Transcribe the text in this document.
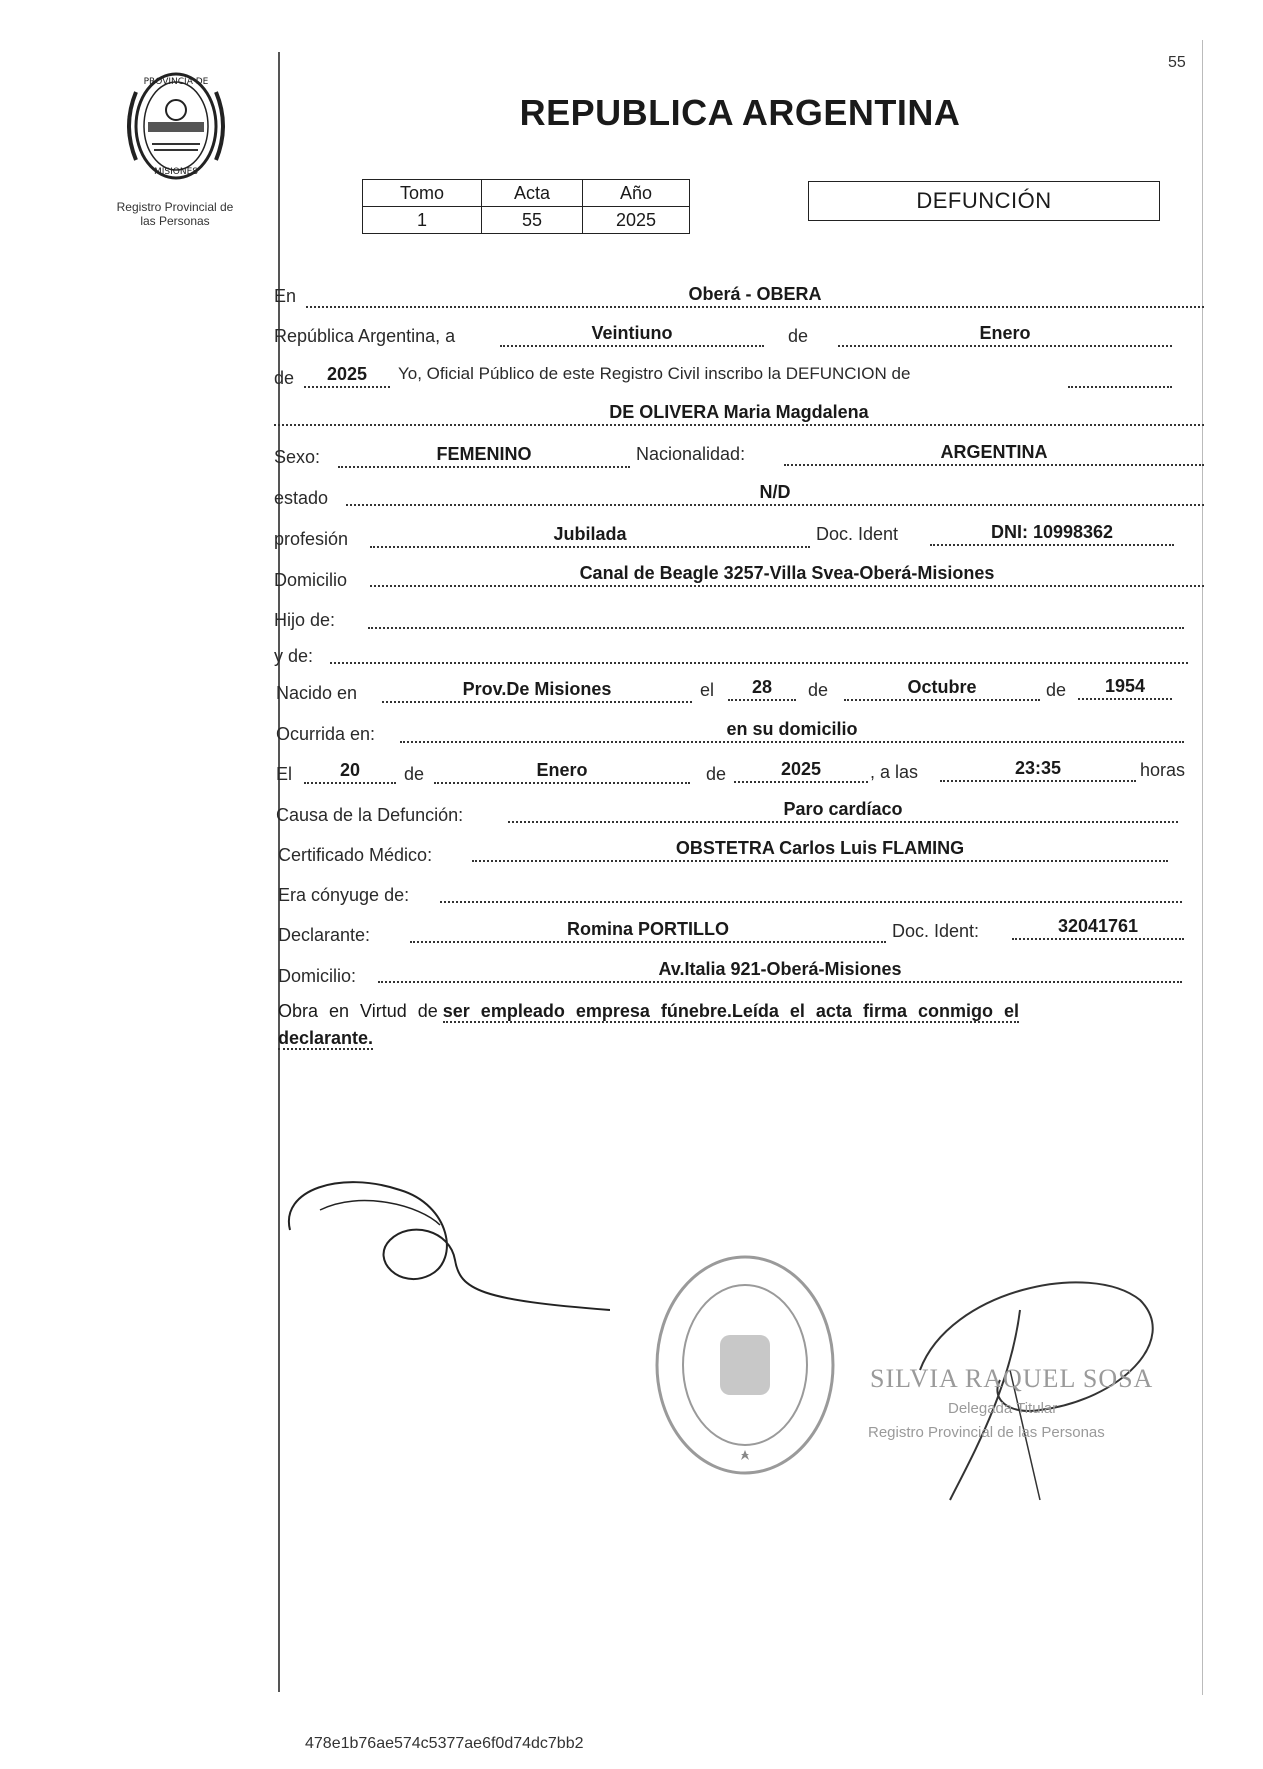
PROVINCIA DE
MISIONES
Registro Provincial de
las Personas
55
REPUBLICA ARGENTINA
Tomo	Acta	Año
1	55	2025
DEFUNCIÓN
En	Oberá - OBERA
República Argentina, a	Veintiuno	de	Enero
de	2025	Yo, Oficial Público de este Registro Civil inscribo la DEFUNCION de
DE OLIVERA Maria Magdalena
Sexo:	FEMENINO	Nacionalidad:	ARGENTINA
estado	N/D
profesión	Jubilada	Doc. Ident	DNI: 10998362
Domicilio	Canal de Beagle 3257-Villa Svea-Oberá-Misiones
Hijo de:
y de:
Nacido en	Prov.De Misiones	el	28	de	Octubre	de	1954
Ocurrida en:	en su domicilio
El	20	de	Enero	de	2025	, a las	23:35	horas
Causa de la Defunción:	Paro cardíaco
Certificado Médico:	OBSTETRA Carlos Luis FLAMING
Era cónyuge de:
Declarante:	Romina PORTILLO	Doc. Ident:	32041761
Domicilio:	Av.Italia 921-Oberá-Misiones
Obra en Virtud de ser empleado empresa fúnebre.Leída el acta firma conmigo el
declarante.
SILVIA RAQUEL SOSA
Delegada Titular
Registro Provincial de las Personas
478e1b76ae574c5377ae6f0d74dc7bb2
